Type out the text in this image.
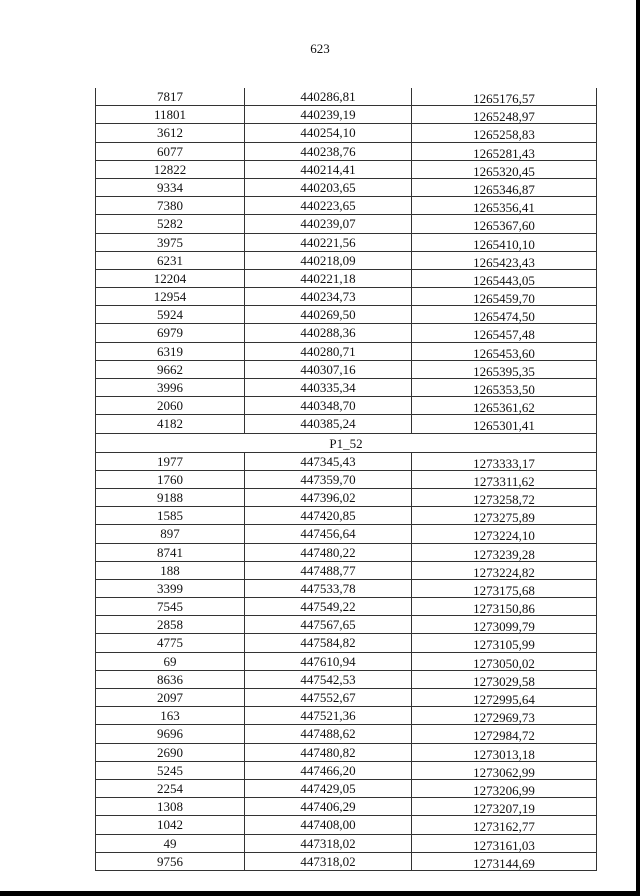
623
7817	440286,81	1265176,57
11801	440239,19	1265248,97
3612	440254,10	1265258,83
6077	440238,76	1265281,43
12822	440214,41	1265320,45
9334	440203,65	1265346,87
7380	440223,65	1265356,41
5282	440239,07	1265367,60
3975	440221,56	1265410,10
6231	440218,09	1265423,43
12204	440221,18	1265443,05
12954	440234,73	1265459,70
5924	440269,50	1265474,50
6979	440288,36	1265457,48
6319	440280,71	1265453,60
9662	440307,16	1265395,35
3996	440335,34	1265353,50
2060	440348,70	1265361,62
4182	440385,24	1265301,41
P1_52
1977	447345,43	1273333,17
1760	447359,70	1273311,62
9188	447396,02	1273258,72
1585	447420,85	1273275,89
897	447456,64	1273224,10
8741	447480,22	1273239,28
188	447488,77	1273224,82
3399	447533,78	1273175,68
7545	447549,22	1273150,86
2858	447567,65	1273099,79
4775	447584,82	1273105,99
69	447610,94	1273050,02
8636	447542,53	1273029,58
2097	447552,67	1272995,64
163	447521,36	1272969,73
9696	447488,62	1272984,72
2690	447480,82	1273013,18
5245	447466,20	1273062,99
2254	447429,05	1273206,99
1308	447406,29	1273207,19
1042	447408,00	1273162,77
49	447318,02	1273161,03
9756	447318,02	1273144,69
